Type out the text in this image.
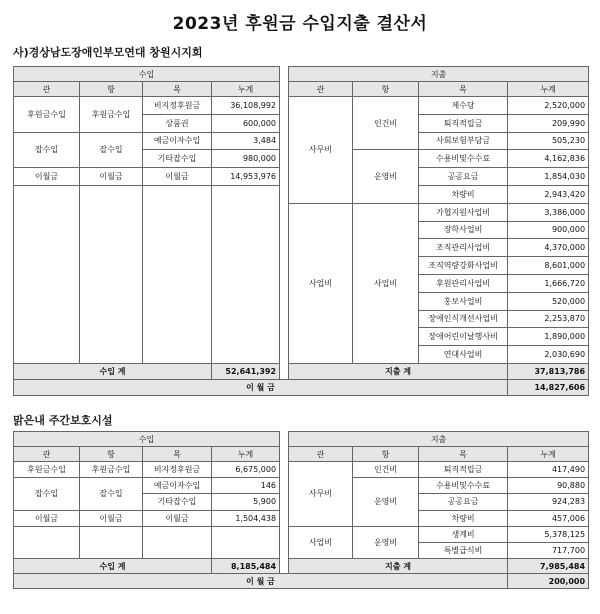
2023년 후원금 수입지출 결산서
사)경상남도장애인부모연대 창원시지회
수입					지출			
관	항	목	누계		관	항	목	누계
후원금수입	후원금수입	비지정후원금	36,108,992		사무비	인건비	제수당	2,520,000
		상품권	600,000				퇴직적립금	209,990
잡수입	잡수입	예금이자수입	3,484				사회보험부담금	505,230
		기타잡수입	980,000			운영비	수용비및수수료	4,162,836
이월금	이월금	이월금	14,953,976				공공요금	1,854,030
							차량비	2,943,420
					사업비	사업비	가협지원사업비	3,386,000
							장학사업비	900,000
							조직관리사업비	4,370,000
							조직역량강화사업비	8,601,000
							후원관리사업비	1,666,720
							홍보사업비	520,000
							장애인식개선사업비	2,253,870
							장애어린이날행사비	1,890,000
							연대사업비	2,030,690
수입 계			52,641,392		지출 계			37,813,786
이 월 금								14,827,606
맑은내 주간보호시설
수입					지출			
관	항	목	누계		관	항	목	누계
후원금수입	후원금수입	비지정후원금	6,675,000		사무비	인건비	퇴직적립금	417,490
잡수입	잡수입	예금이자수입	146			운영비	수용비및수수료	90,880
		기타잡수입	5,900				공공요금	924,283
이월금	이월금	이월금	1,504,438				차량비	457,006
					사업비	운영비	생계비	5,378,125
							특별급식비	717,700
수입 계			8,185,484		지출 계			7,985,484
이 월 금								200,000
